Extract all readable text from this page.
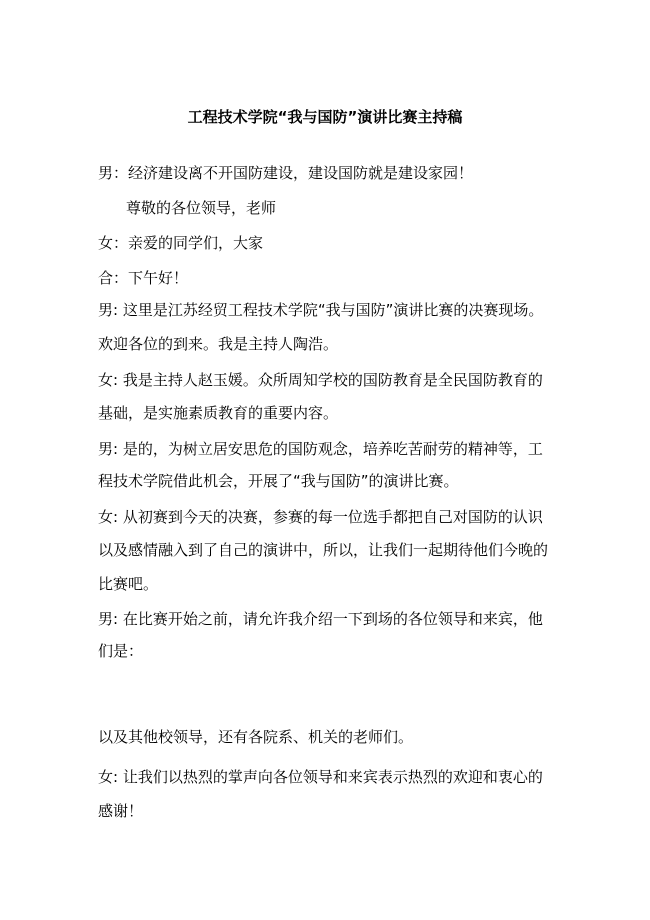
工程技术学院“我与国防”演讲比赛主持稿
男：经济建设离不开国防建设，建设国防就是建设家园！
尊敬的各位领导，老师
女：亲爱的同学们，大家
合：下午好！
男: 这里是江苏经贸工程技术学院“我与国防”演讲比赛的决赛现场。
欢迎各位的到来。我是主持人陶浩。
女: 我是主持人赵玉媛。众所周知学校的国防教育是全民国防教育的
基础，是实施素质教育的重要内容。
男: 是的，为树立居安思危的国防观念，培养吃苦耐劳的精神等，工
程技术学院借此机会，开展了“我与国防”的演讲比赛。
女: 从初赛到今天的决赛，参赛的每一位选手都把自己对国防的认识
以及感情融入到了自己的演讲中，所以，让我们一起期待他们今晚的
比赛吧。
男: 在比赛开始之前，请允许我介绍一下到场的各位领导和来宾，他
们是：
以及其他校领导，还有各院系、机关的老师们。
女: 让我们以热烈的掌声向各位领导和来宾表示热烈的欢迎和衷心的
感谢！
